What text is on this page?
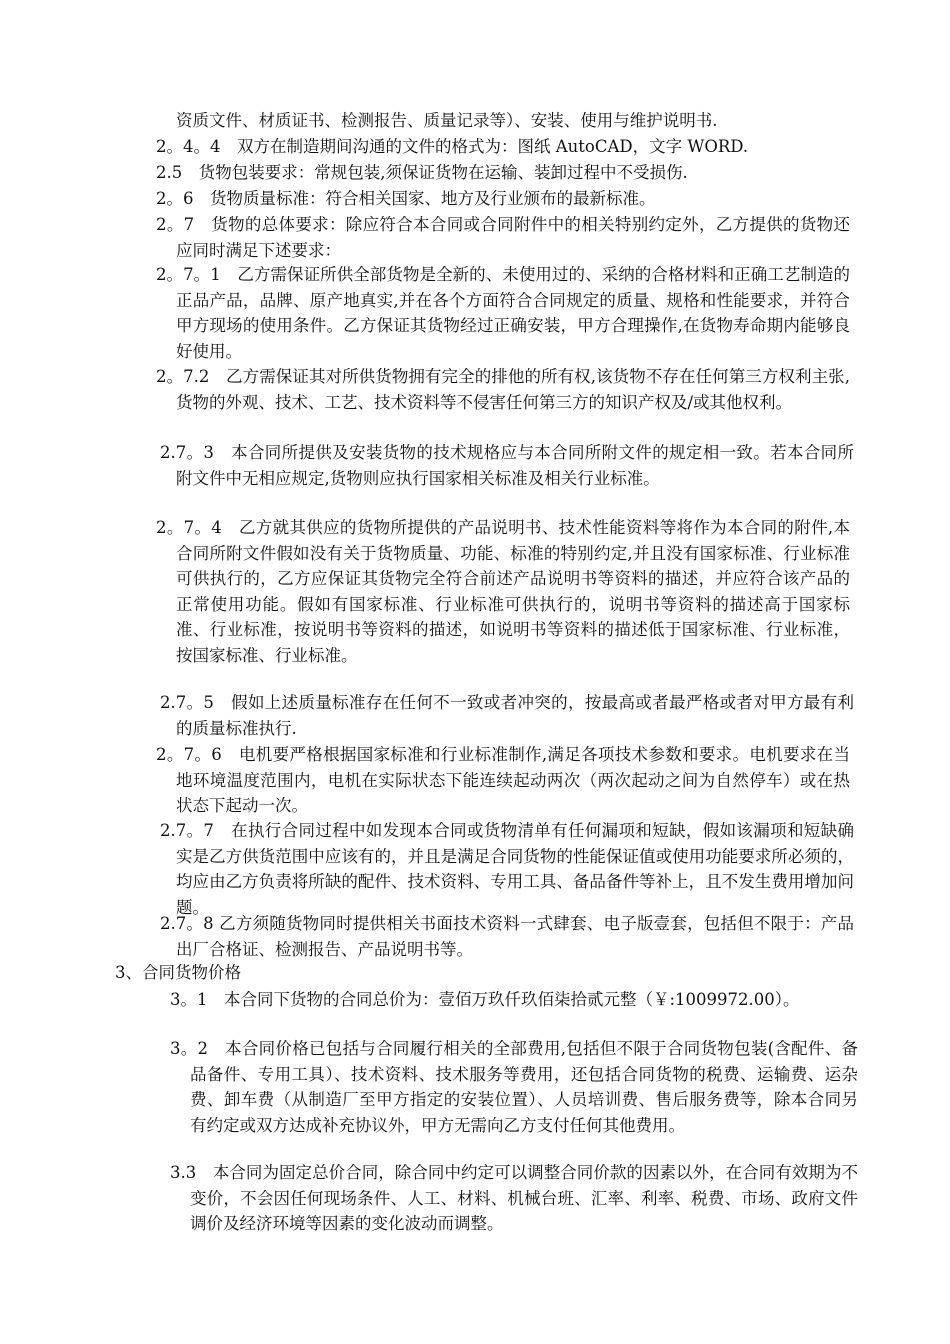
资质文件、材质证书、检测报告、质量记录等）、安装、使用与维护说明书.

2。4。4　双方在制造期间沟通的文件的格式为：图纸 AutoCAD，文字 WORD.

2.5　货物包装要求：常规包装,须保证货物在运输、装卸过程中不受损伤.

2。6　货物质量标准：符合相关国家、地方及行业颁布的最新标准。

2。7　货物的总体要求：除应符合本合同或合同附件中的相关特别约定外，乙方提供的货物还应同时满足下述要求：

2。7。1　乙方需保证所供全部货物是全新的、未使用过的、采纳的合格材料和正确工艺制造的正品产品，品牌、原产地真实,并在各个方面符合合同规定的质量、规格和性能要求，并符合甲方现场的使用条件。乙方保证其货物经过正确安装，甲方合理操作,在货物寿命期内能够良好使用。

2。7.2　乙方需保证其对所供货物拥有完全的排他的所有权,该货物不存在任何第三方权利主张,货物的外观、技术、工艺、技术资料等不侵害任何第三方的知识产权及/或其他权利。

2.7。3　本合同所提供及安装货物的技术规格应与本合同所附文件的规定相一致。若本合同所附文件中无相应规定,货物则应执行国家相关标准及相关行业标准。

2。7。4　乙方就其供应的货物所提供的产品说明书、技术性能资料等将作为本合同的附件,本合同所附文件假如没有关于货物质量、功能、标准的特别约定,并且没有国家标准、行业标准可供执行的，乙方应保证其货物完全符合前述产品说明书等资料的描述，并应符合该产品的正常使用功能。假如有国家标准、行业标准可供执行的，说明书等资料的描述高于国家标准、行业标准，按说明书等资料的描述，如说明书等资料的描述低于国家标准、行业标准，按国家标准、行业标准。

2.7。5　假如上述质量标准存在任何不一致或者冲突的，按最高或者最严格或者对甲方最有利的质量标准执行.

2。7。6　电机要严格根据国家标准和行业标准制作,满足各项技术参数和要求。电机要求在当地环境温度范围内，电机在实际状态下能连续起动两次（两次起动之间为自然停车）或在热状态下起动一次。

2.7。7　在执行合同过程中如发现本合同或货物清单有任何漏项和短缺，假如该漏项和短缺确实是乙方供货范围中应该有的，并且是满足合同货物的性能保证值或使用功能要求所必须的，均应由乙方负责将所缺的配件、技术资料、专用工具、备品备件等补上，且不发生费用增加问题。

2.7。8 乙方须随货物同时提供相关书面技术资料一式肆套、电子版壹套，包括但不限于：产品出厂合格证、检测报告、产品说明书等。

3、合同货物价格

3。1　本合同下货物的合同总价为：壹佰万玖仟玖佰柒拾贰元整（￥:1009972.00）。

3。2　本合同价格已包括与合同履行相关的全部费用,包括但不限于合同货物包装(含配件、备品备件、专用工具）、技术资料、技术服务等费用，还包括合同货物的税费、运输费、运杂费、卸车费（从制造厂至甲方指定的安装位置）、人员培训费、售后服务费等，除本合同另有约定或双方达成补充协议外，甲方无需向乙方支付任何其他费用。

3.3　本合同为固定总价合同，除合同中约定可以调整合同价款的因素以外，在合同有效期为不变价，不会因任何现场条件、人工、材料、机械台班、汇率、利率、税费、市场、政府文件调价及经济环境等因素的变化波动而调整。
